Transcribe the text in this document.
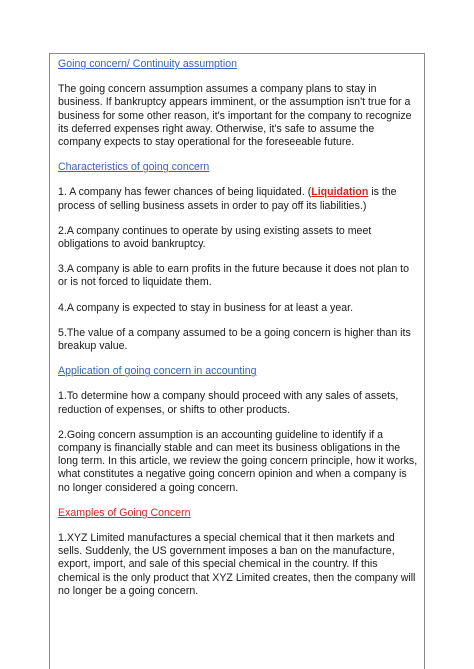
Going concern/ Continuity assumption

The going concern assumption assumes a company plans to stay in business. If bankruptcy appears imminent, or the assumption isn't true for a business for some other reason, it's important for the company to recognize its deferred expenses right away. Otherwise, it's safe to assume the company expects to stay operational for the foreseeable future.

Characteristics of going concern

1. A company has fewer chances of being liquidated. (Liquidation is the process of selling business assets in order to pay off its liabilities.)

2.A company continues to operate by using existing assets to meet obligations to avoid bankruptcy.

3.A company is able to earn profits in the future because it does not plan to or is not forced to liquidate them.

4.A company is expected to stay in business for at least a year.

5.The value of a company assumed to be a going concern is higher than its breakup value.

Application of going concern in accounting

1.To determine how a company should proceed with any sales of assets, reduction of expenses, or shifts to other products.

2.Going concern assumption is an accounting guideline to identify if a company is financially stable and can meet its business obligations in the long term. In this article, we review the going concern principle, how it works, what constitutes a negative going concern opinion and when a company is no longer considered a going concern.

Examples of Going Concern

1.XYZ Limited manufactures a special chemical that it then markets and sells. Suddenly, the US government imposes a ban on the manufacture, export, import, and sale of this special chemical in the country. If this chemical is the only product that XYZ Limited creates, then the company will no longer be a going concern.
